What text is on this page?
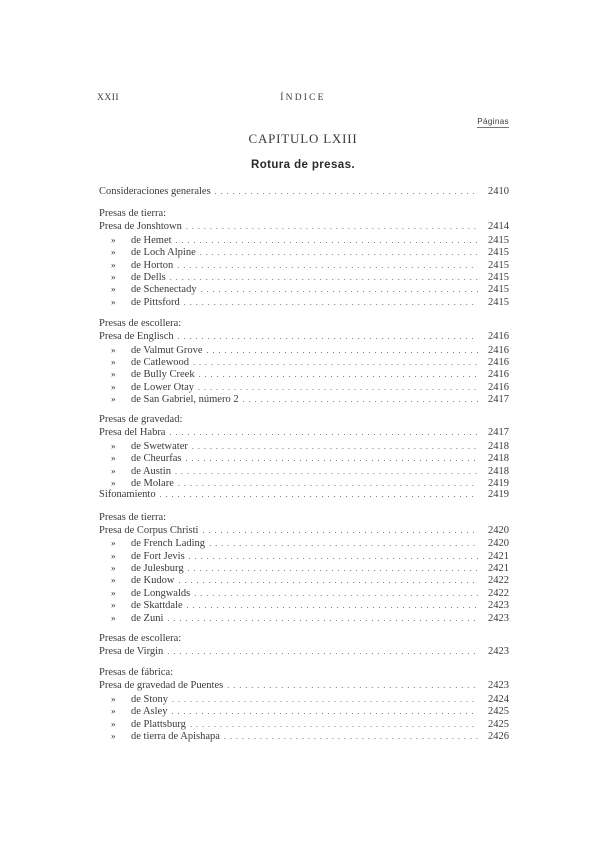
XXII	ÍNDICE
Páginas
CAPITULO LXIII
Rotura de presas.
Consideraciones generales . . .	2410
Presas de tierra:
Presa de Jonshtown . . .	2414
»	de Hemet . . .	2415
»	de Loch Alpine . . .	2415
»	de Horton . . .	2415
»	de Dells . . .	2415
»	de Schenectady . . .	2415
»	de Pittsford . . .	2415
Presas de escollera:
Presa de Englisch . . .	2416
»	de Valmut Grove . . .	2416
»	de Catlewood . . .	2416
»	de Bully Creek . . .	2416
»	de Lower Otay . . .	2416
»	de San Gabriel, número 2 . . .	2417
Presas de gravedad:
Presa del Habra . . .	2417
»	de Swetwater . . .	2418
»	de Cheurfas . . .	2418
»	de Austin . . .	2418
»	de Molare . . .	2419
Sifonamiento . . .	2419
Presas de tierra:
Presa de Corpus Christi . . .	2420
»	de French Lading . . .	2420
»	de Fort Jevis . . .	2421
»	de Julesburg . . .	2421
»	de Kudow . . .	2422
»	de Longwalds . . .	2422
»	de Skattdale . . .	2423
»	de Zuni . . .	2423
Presas de escollera:
Presa de Virgin . . .	2423
Presas de fábrica:
Presa de gravedad de Puentes . . .	2423
»	de Stony . . .	2424
»	de Asley . . .	2425
»	de Plattsburg . . .	2425
»	de tierra de Apishapa . . .	2426
